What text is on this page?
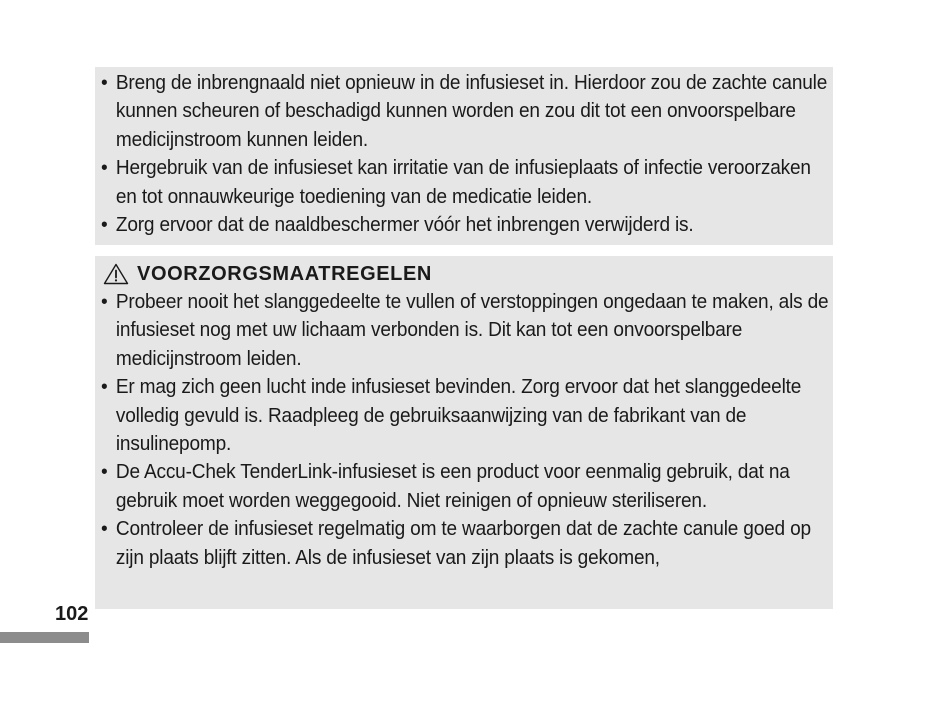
• Breng de inbrengnaald niet opnieuw in de infusieset in. Hierdoor zou de zachte canule kunnen scheuren of beschadigd kunnen worden en zou dit tot een onvoorspelbare medicijnstroom kunnen leiden.
• Hergebruik van de infusieset kan irritatie van de infusieplaats of infectie veroorzaken en tot onnauwkeurige toediening van de medicatie leiden.
• Zorg ervoor dat de naaldbeschermer vóór het inbrengen verwijderd is.
VOORZORGSMAATREGELEN
• Probeer nooit het slanggedeelte te vullen of verstoppingen ongedaan te maken, als de infusieset nog met uw lichaam verbonden is. Dit kan tot een onvoorspelbare medicijnstroom leiden.
• Er mag zich geen lucht inde infusieset bevinden. Zorg ervoor dat het slanggedeelte volledig gevuld is. Raadpleeg de gebruiksaanwijzing van de fabrikant van de insulinepomp.
• De Accu-Chek TenderLink-infusieset is een product voor eenmalig gebruik, dat na gebruik moet worden weggegooid. Niet reinigen of opnieuw steriliseren.
• Controleer de infusieset regelmatig om te waarborgen dat de zachte canule goed op zijn plaats blijft zitten. Als de infusieset van zijn plaats is gekomen,
102
